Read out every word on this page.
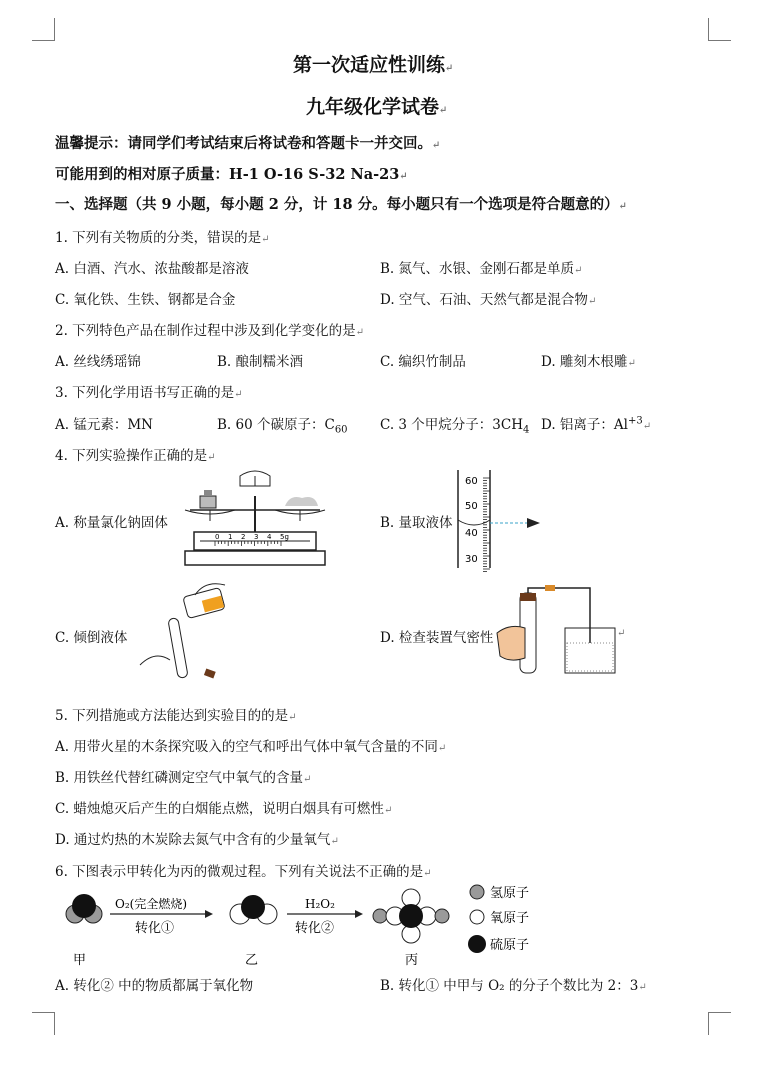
第一次适应性训练↵
九年级化学试卷↵
温馨提示：请同学们考试结束后将试卷和答题卡一并交回。↵
可能用到的相对原子质量：H-1 O-16 S-32 Na-23↵
一、选择题（共 9 小题，每小题 2 分，计 18 分。每小题只有一个选项是符合题意的）↵
1. 下列有关物质的分类，错误的是↵
A. 白酒、汽水、浓盐酸都是溶液	B. 氮气、水银、金刚石都是单质↵
C. 氧化铁、生铁、钢都是合金	D. 空气、石油、天然气都是混合物↵
2. 下列特色产品在制作过程中涉及到化学变化的是↵
A. 丝线绣瑶锦	B. 酿制糯米酒	C. 编织竹制品	D. 雕刻木根雕↵
3. 下列化学用语书写正确的是↵
A. 锰元素：MN	B. 60 个碳原子：$C_{60}$ C. 3 个甲烷分子：$3CH_4$ D. 铝离子：$Al^{+3}↵$
4. 下列实验操作正确的是↵
A. 称量氯化钠固体	B. 量取液体
C. 倾倒液体	D. 检查装置气密性
0 1 2 3 4 5g
60
50
40
30
↵
5. 下列措施或方法能达到实验目的的是↵
A. 用带火星的木条探究吸入的空气和呼出气体中氧气含量的不同↵
B. 用铁丝代替红磷测定空气中氧气的含量↵
C. 蜡烛熄灭后产生的白烟能点燃，说明白烟具有可燃性↵
D. 通过灼热的木炭除去氮气中含有的少量氧气↵
6. 下图表示甲转化为丙的微观过程。下列有关说法不正确的是↵
O₂(完全燃烧)
转化①
H₂O₂
转化②
甲	乙	丙
氢原子
氧原子
硫原子
A. 转化② 中的物质都属于氧化物	B. 转化① 中甲与 O₂ 的分子个数比为 2：3↵
